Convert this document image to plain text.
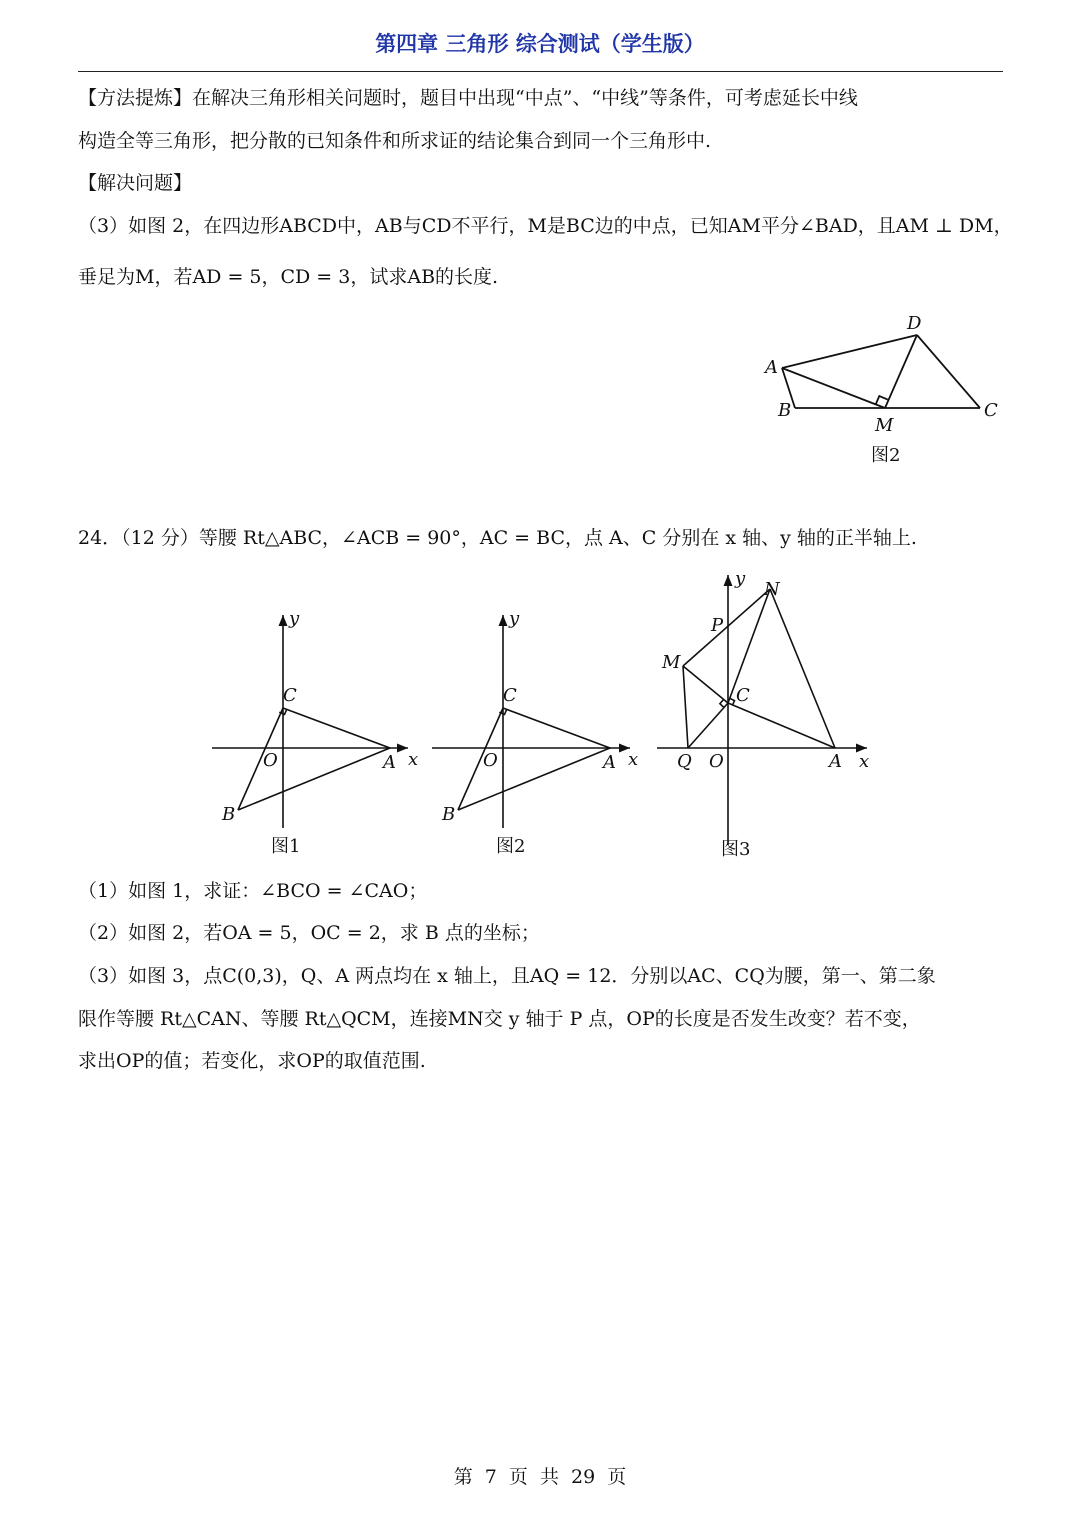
第四章 三角形 综合测试（学生版）
【方法提炼】在解决三角形相关问题时，题目中出现“中点”、“中线”等条件，可考虑延长中线
构造全等三角形，把分散的已知条件和所求证的结论集合到同一个三角形中.
【解决问题】
（3）如图 2，在四边形ABCD中，AB与CD不平行，M是BC边的中点，已知AM平分∠BAD，且AM ⊥ DM，
垂足为M，若AD = 5，CD = 3，试求AB的长度.
A
B	C
D
M
图2
24．（12 分）等腰 Rt△ABC，∠ACB = 90°，AC = BC，点 A、C 分别在 x 轴、y 轴的正半轴上.
y
x
O	A
B
C
图1
y
x
O	A
B
C
图2
y
x
O	A
C
Q
M
N
P
图3
（1）如图 1，求证：∠BCO = ∠CAO；
（2）如图 2，若OA = 5，OC = 2，求 B 点的坐标；
（3）如图 3，点C(0,3)，Q、A 两点均在 x 轴上，且AQ = 12．分别以AC、CQ为腰，第一、第二象
限作等腰 Rt△CAN、等腰 Rt△QCM，连接MN交 y 轴于 P 点，OP的长度是否发生改变？若不变，
求出OP的值；若变化，求OP的取值范围.
第 7 页 共 29 页
